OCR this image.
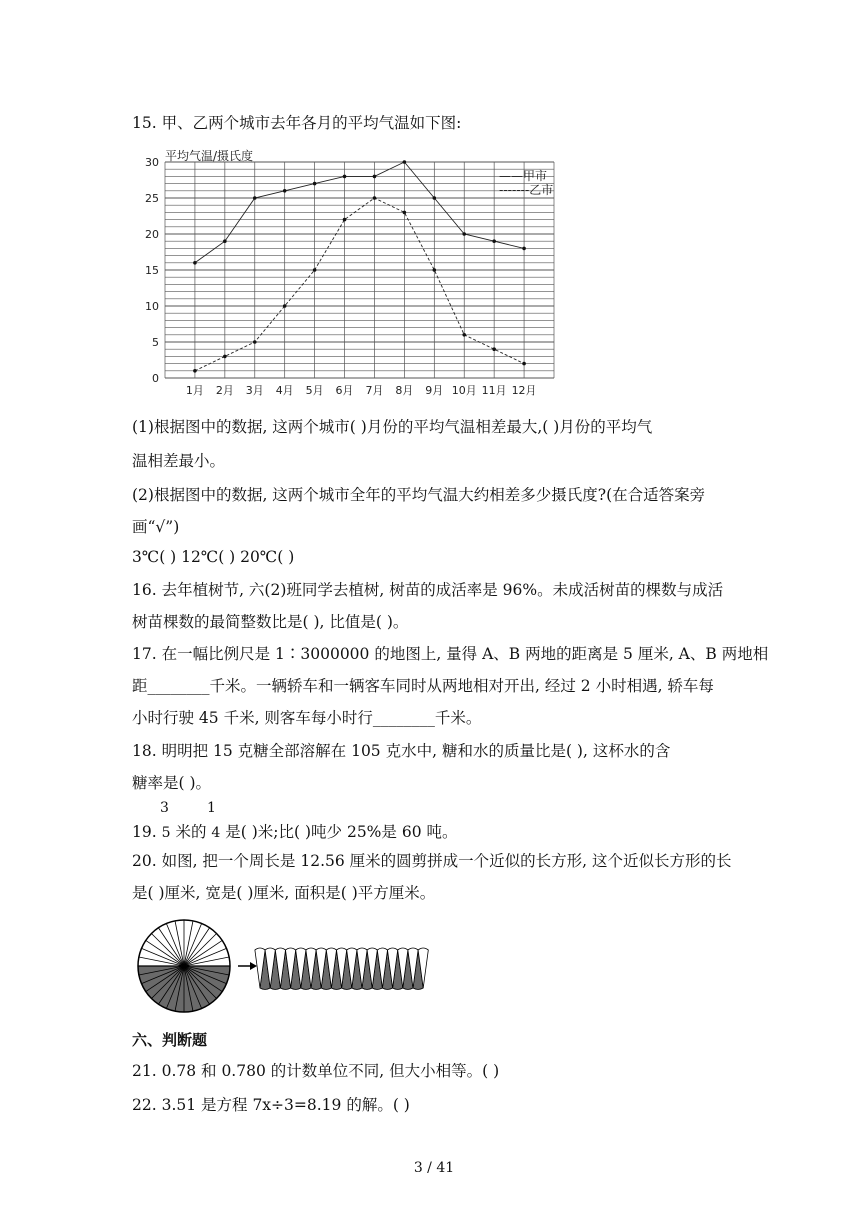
15. 甲、乙两个城市去年各月的平均气温如下图:
0
5
10
15
20
25
30
1月 2月 3月 4月 5月 6月 7月 8月 9月 10月 11月 12月
平均气温/摄氏度
——甲市
-------乙市
(1)根据图中的数据, 这两个城市( )月份的平均气温相差最大,( )月份的平均气
温相差最小。
(2)根据图中的数据, 这两个城市全年的平均气温大约相差多少摄氏度?(在合适答案旁
画“√”)
3℃( ) 12℃( ) 20℃( )
16. 去年植树节, 六(2)班同学去植树, 树苗的成活率是 96%。未成活树苗的棵数与成活
树苗棵数的最简整数比是( ), 比值是( )。
17. 在一幅比例尺是 1∶3000000 的地图上, 量得 A、B 两地的距离是 5 厘米, A、B 两地相
距________千米。一辆轿车和一辆客车同时从两地相对开出, 经过 2 小时相遇, 轿车每
小时行驶 45 千米, 则客车每小时行________千米。
18. 明明把 15 克糖全部溶解在 105 克水中, 糖和水的质量比是( ), 这杯水的含
糖率是( )。
3	1
19. 5 米的 4 是( )米;比( )吨少 25%是 60 吨。
20. 如图, 把一个周长是 12.56 厘米的圆剪拼成一个近似的长方形, 这个近似长方形的长
是( )厘米, 宽是( )厘米, 面积是( )平方厘米。
六、判断题
21. 0.78 和 0.780 的计数单位不同, 但大小相等。( )
22. 3.51 是方程 7x÷3=8.19 的解。( )
3 / 41
